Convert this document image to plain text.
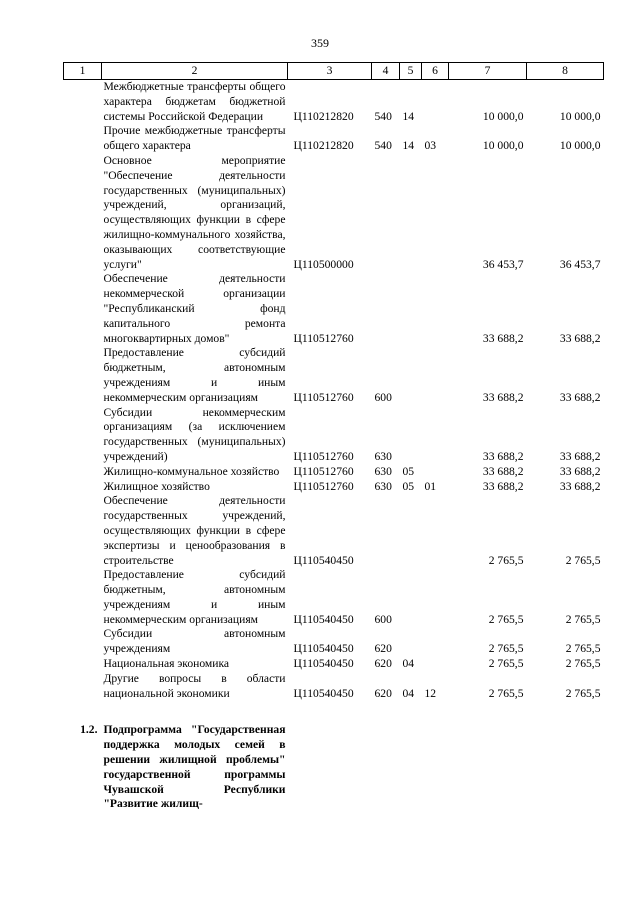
359
1	2	3	4	5	6	7	8
	Межбюджетные трансферты общего характера бюджетам бюджетной системы Российской Федерации	Ц110212820	540	14		10 000,0	10 000,0
	Прочие межбюджетные трансферты общего характера	Ц110212820	540	14	03	10 000,0	10 000,0
	Основное мероприятие "Обеспечение деятельности государственных (муниципальных) учреждений, организаций, осуществляющих функции в сфере жилищно-коммунального хозяйства, оказывающих соответствующие услуги"	Ц110500000				36 453,7	36 453,7
	Обеспечение деятельности некоммерческой организации "Республиканский фонд капитального ремонта многоквартирных домов"	Ц110512760				33 688,2	33 688,2
	Предоставление субсидий бюджетным, автономным учреждениям и иным некоммерческим организациям	Ц110512760	600			33 688,2	33 688,2
	Субсидии некоммерческим организациям (за исключением государственных (муниципальных) учреждений)	Ц110512760	630			33 688,2	33 688,2
	Жилищно-коммунальное хозяйство	Ц110512760	630	05		33 688,2	33 688,2
	Жилищное хозяйство	Ц110512760	630	05	01	33 688,2	33 688,2
	Обеспечение деятельности государственных учреждений, осуществляющих функции в сфере экспертизы и ценообразования в строительстве	Ц110540450				2 765,5	2 765,5
	Предоставление субсидий бюджетным, автономным учреждениям и иным некоммерческим организациям	Ц110540450	600			2 765,5	2 765,5
	Субсидии автономным учреждениям	Ц110540450	620			2 765,5	2 765,5
	Национальная экономика	Ц110540450	620	04		2 765,5	2 765,5
	Другие вопросы в области национальной экономики	Ц110540450	620	04	12	2 765,5	2 765,5

1.2.	Подпрограмма "Государственная поддержка молодых семей в решении жилищной проблемы" государственной программы Чувашской Республики "Развитие жилищ-						
